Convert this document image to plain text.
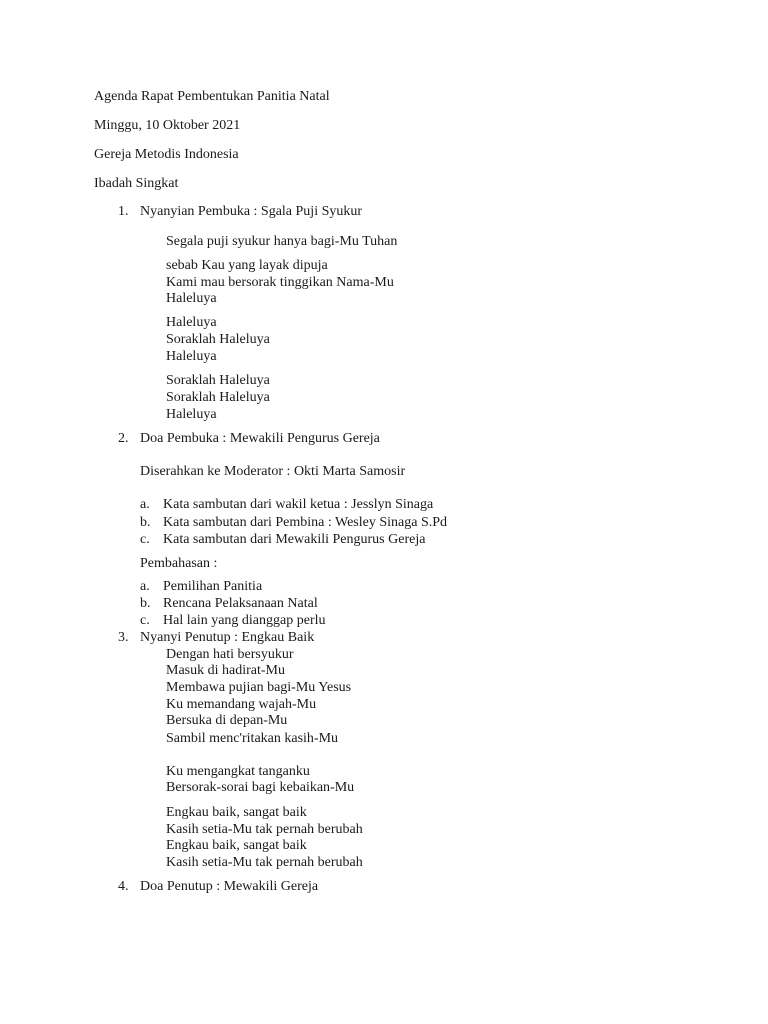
Agenda Rapat Pembentukan Panitia Natal
Minggu, 10 Oktober 2021
Gereja Metodis Indonesia
Ibadah Singkat
1. Nyanyian Pembuka : Sgala Puji Syukur
Segala puji syukur hanya bagi-Mu Tuhan
sebab Kau yang layak dipuja
Kami mau bersorak tinggikan Nama-Mu
Haleluya
Haleluya
Soraklah Haleluya
Haleluya
Soraklah Haleluya
Soraklah Haleluya
Haleluya
2. Doa Pembuka : Mewakili Pengurus Gereja
Diserahkan ke Moderator : Okti Marta Samosir
a. Kata sambutan dari wakil ketua : Jesslyn Sinaga
b. Kata sambutan dari Pembina : Wesley Sinaga S.Pd
c. Kata sambutan dari Mewakili Pengurus Gereja
Pembahasan :
a. Pemilihan Panitia
b. Rencana Pelaksanaan Natal
c. Hal lain yang dianggap perlu
3. Nyanyi Penutup : Engkau Baik
Dengan hati bersyukur
Masuk di hadirat-Mu
Membawa pujian bagi-Mu Yesus
Ku memandang wajah-Mu
Bersuka di depan-Mu
Sambil menc'ritakan kasih-Mu
Ku mengangkat tanganku
Bersorak-sorai bagi kebaikan-Mu
Engkau baik, sangat baik
Kasih setia-Mu tak pernah berubah
Engkau baik, sangat baik
Kasih setia-Mu tak pernah berubah
4. Doa Penutup : Mewakili Gereja
